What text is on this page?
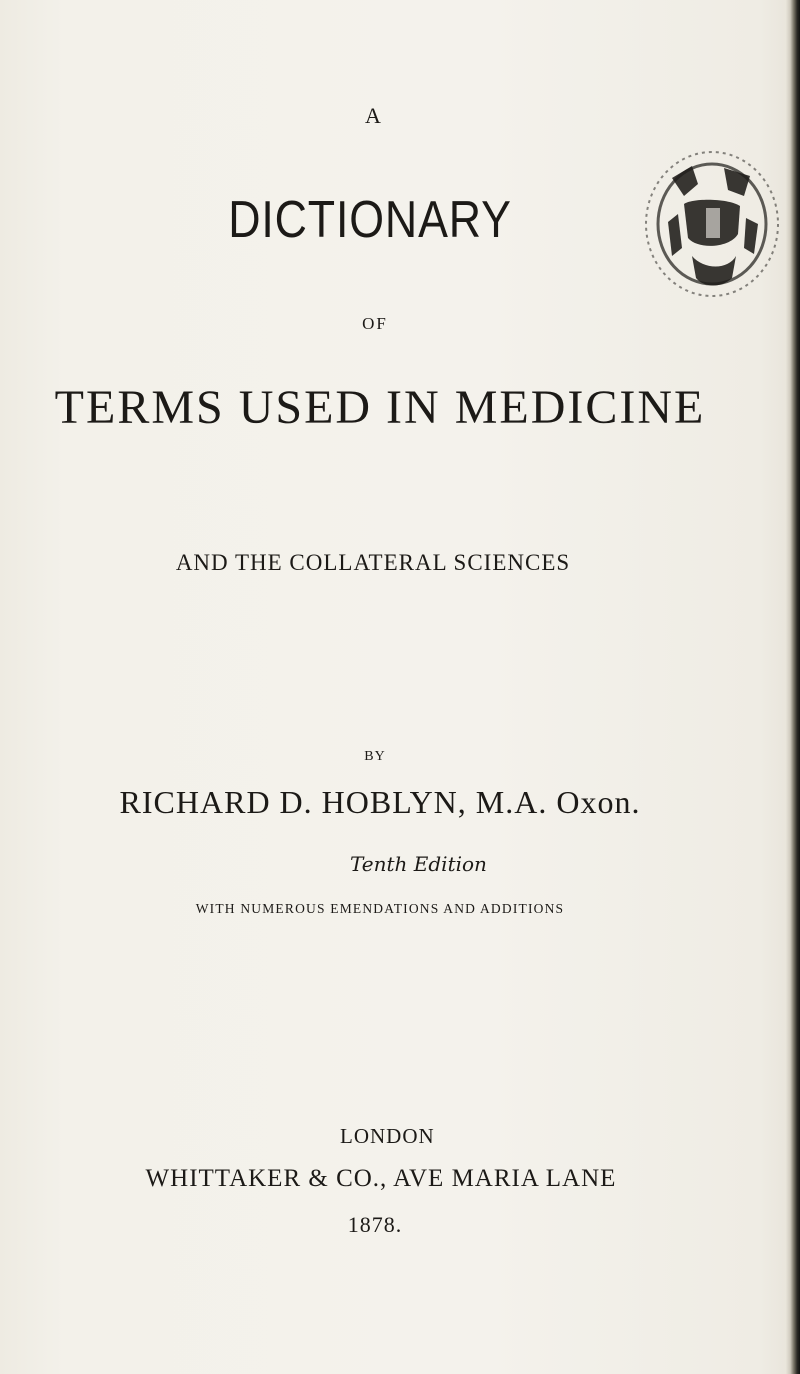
A
DICTIONARY
OF
TERMS USED IN MEDICINE
AND THE COLLATERAL SCIENCES
BY
RICHARD D. HOBLYN, M.A. Oxon.
Tenth Edition
WITH NUMEROUS EMENDATIONS AND ADDITIONS
LONDON
WHITTAKER & CO., AVE MARIA LANE
1878.
